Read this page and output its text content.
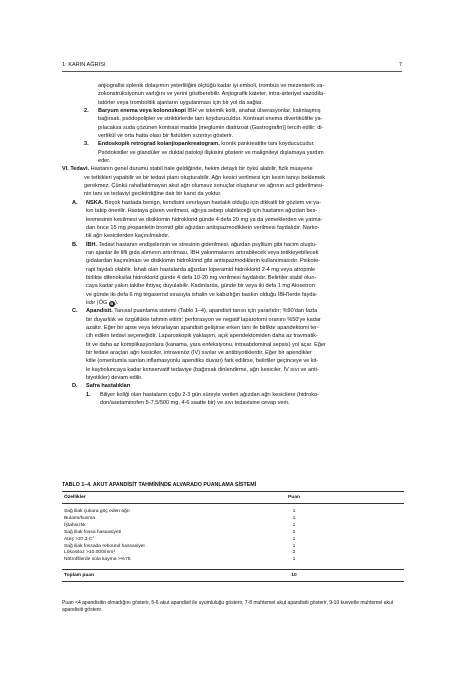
1: KARIN AĞRISI	7
anjiografisi splenik dolaşımın yeterliliğini ölçtüğü kadar iyi emboli, trombüs ve mezenterik va-
zokonstrüksiyonun varlığını ve yerini göstberebilir. Anjiografik kateter, intra-arteriyel vazodila-
tatörler veya trombolitik ajanların uygulanması için bir yol da sağlar.
2.	Baryum enema veya kolonoskopi İBH ve iskemik kolit, anahat ülserasyonlar, kalınlaşmış
bağırsak, psödopolipler ve striktürlerde tanı koyduruculdur. Kontrast enema divertikülitte ya-
pılacaksa suda çözünen kontrast madde [meglumin diatrizoat (Gastrografin)] tercih edilir; di-
vertikül ve orta hatta olası bir fistülden sızıntıyı gösterir.
3.	Endoskopik retrograd kolanjiopankreatogram, kronik pankreatitte tanı koyducucudur.
Psödokistler ve glandüler ve duktal patoloji ilişkisini gösterir ve maligniteyi dışlamaya yardım
eder.
VI. Tedavi. Hastanın genel durumu stabil hale geldiğinde, hekim detaylı bir öykü alabilir, fizik muayene
ve tetkikleri yapabilir ve bir tedavi planı oluşturabilir. Ağrı kesici verilmesi için kesin tanıyı beklemek
gerekmez. Çünkü rahatlatılmayan akut ağrı olumsuz sonuçlar oluşturur ve ağrının acil giderilmesi-
nin tanı ve tedaviyi geciktirdiğine dair bir kanıt da yoktur.
A.	NSKA. Birçok hastada benign, kendisini sınırlayan hastalık olduğu için dikkatli bir gözlem ve ya-
kın takip önerilir. Hastaya güven verilmesi, ağrıya sebep olabileceği için hastanın ağızdan bes-
lenmesinin kesilmesi ve disiklomin hidroklorid günde 4 defa 20 mg ya da yemeklerden ve yatma-
dan önce 15 mg propantelin bromid gibi ağızdan antispazmodiklerin verilmesi faydalıdır. Narko-
tik ağrı kesicilerden kaçınılmalıdır.
B.	İBH. Tedavi hastanın endişelerinin ve stresinin giderilmesi, ağızdan psyllium gibi hacim oluştu-
ran ajanlar ile lifli gıda alımının artırılması, İBH yakınmalarını artırabilecek veya tetikleyebilecek
gıdalardan kaçınılması ve disiklomin hidroklorid gibi antispazmodiklerin kullanılmasıdır. Psikote-
rapi faydalı olabilir. İshali olan hastalarda ağızdan loperamid hidroklorid 2-4 mg veya atropinle
birlikte difenoksilat hidroklorid günde 4 defa 10-20 mg verilmesi faydalıdır. Belirtiler stabil olun-
caya kadar yakın takibe ihtiyaç duyulabilir. Kadınlarda, günde bir veya iki defa 1 mg Alosetron
ve günde iki defa 6 mg tegaserod sırasıyla ishalin ve kabızlığın baskın olduğu İBH'lerde fayda-
lıdır (ÖG B ).
C.	Apandisit. Tanısal puanlama sistemi (Tablo 1–4), apandisit tanısı için yararlıdır; %90'dan fazla
bir duyarlılık ve özgüllükle tahmin ettirir; perforasyon ve negatif laparotomi oranını %50'ye kadar
azaltır. Eğer bir apse veya tekrarlayan apandisit gelişirse erken tanı ile birlikte apandektomi ter-
cih edilen tedavi seçeneğidir. Laparoskopik yaklaşım, açık apendektomiden daha az travmatik-
tir ve daha az komplikasyonlara (kanama, yara enfeksiyonu, intraabdominal sepsis) yol açar. Eğer
bir tedavi araçları ağrı kesiciler, intravenöz (İV) sıvılar ve antibiyotiklerdir. Eğer bir apendikler
kitle (omentumla sarılan inflamasyonlu apendiks duvarı) fark edilirse, belirtiler geçinceye ve kit-
le kayboluncaya kadar konservatif tedaviye (bağırsak dinlendirme, ağrı kesiciler, İV sıvı ve anti-
biyotikler) devam edilir.
D.	Safra hastalıkları
1.	Biliyer koliği olan hastaların çoğu 2-3 gün süreyle verilen ağızdan ağrı kesicilere (hidroko-
don/asetaminofen 5-7,5/500 mg, 4-6 saatte bir) ve sıvı tedavisine cevap verir.
TABLO 1–4. AKUT APANDİSİT TAHMİNİNDE ALVARADO PUANLAMA SİSTEMİ
Özellikler	Puan
Sağ iliak çukura göç eden ağrı	1
Bulantı/kusma	1
İştahsızlık	1
Sağ iliak fossa hassasiyeti	2
Ateş >37.3 C°	1
Sağ iliak fossada rebound hassasiyet	1
Lökositoz >10.000/mm³	2
Nötrofillerde sola kayma >%75	1
Toplam puan	10
Puan <4 apandisitin olmadığını gösterir, 5-6 akut apandisit ile uyumluluğu gösterir, 7-8 muhtemel akut apandisiti gösterir, 9-10 kuvvetle muhtemel akut apandisiti gösterir.
